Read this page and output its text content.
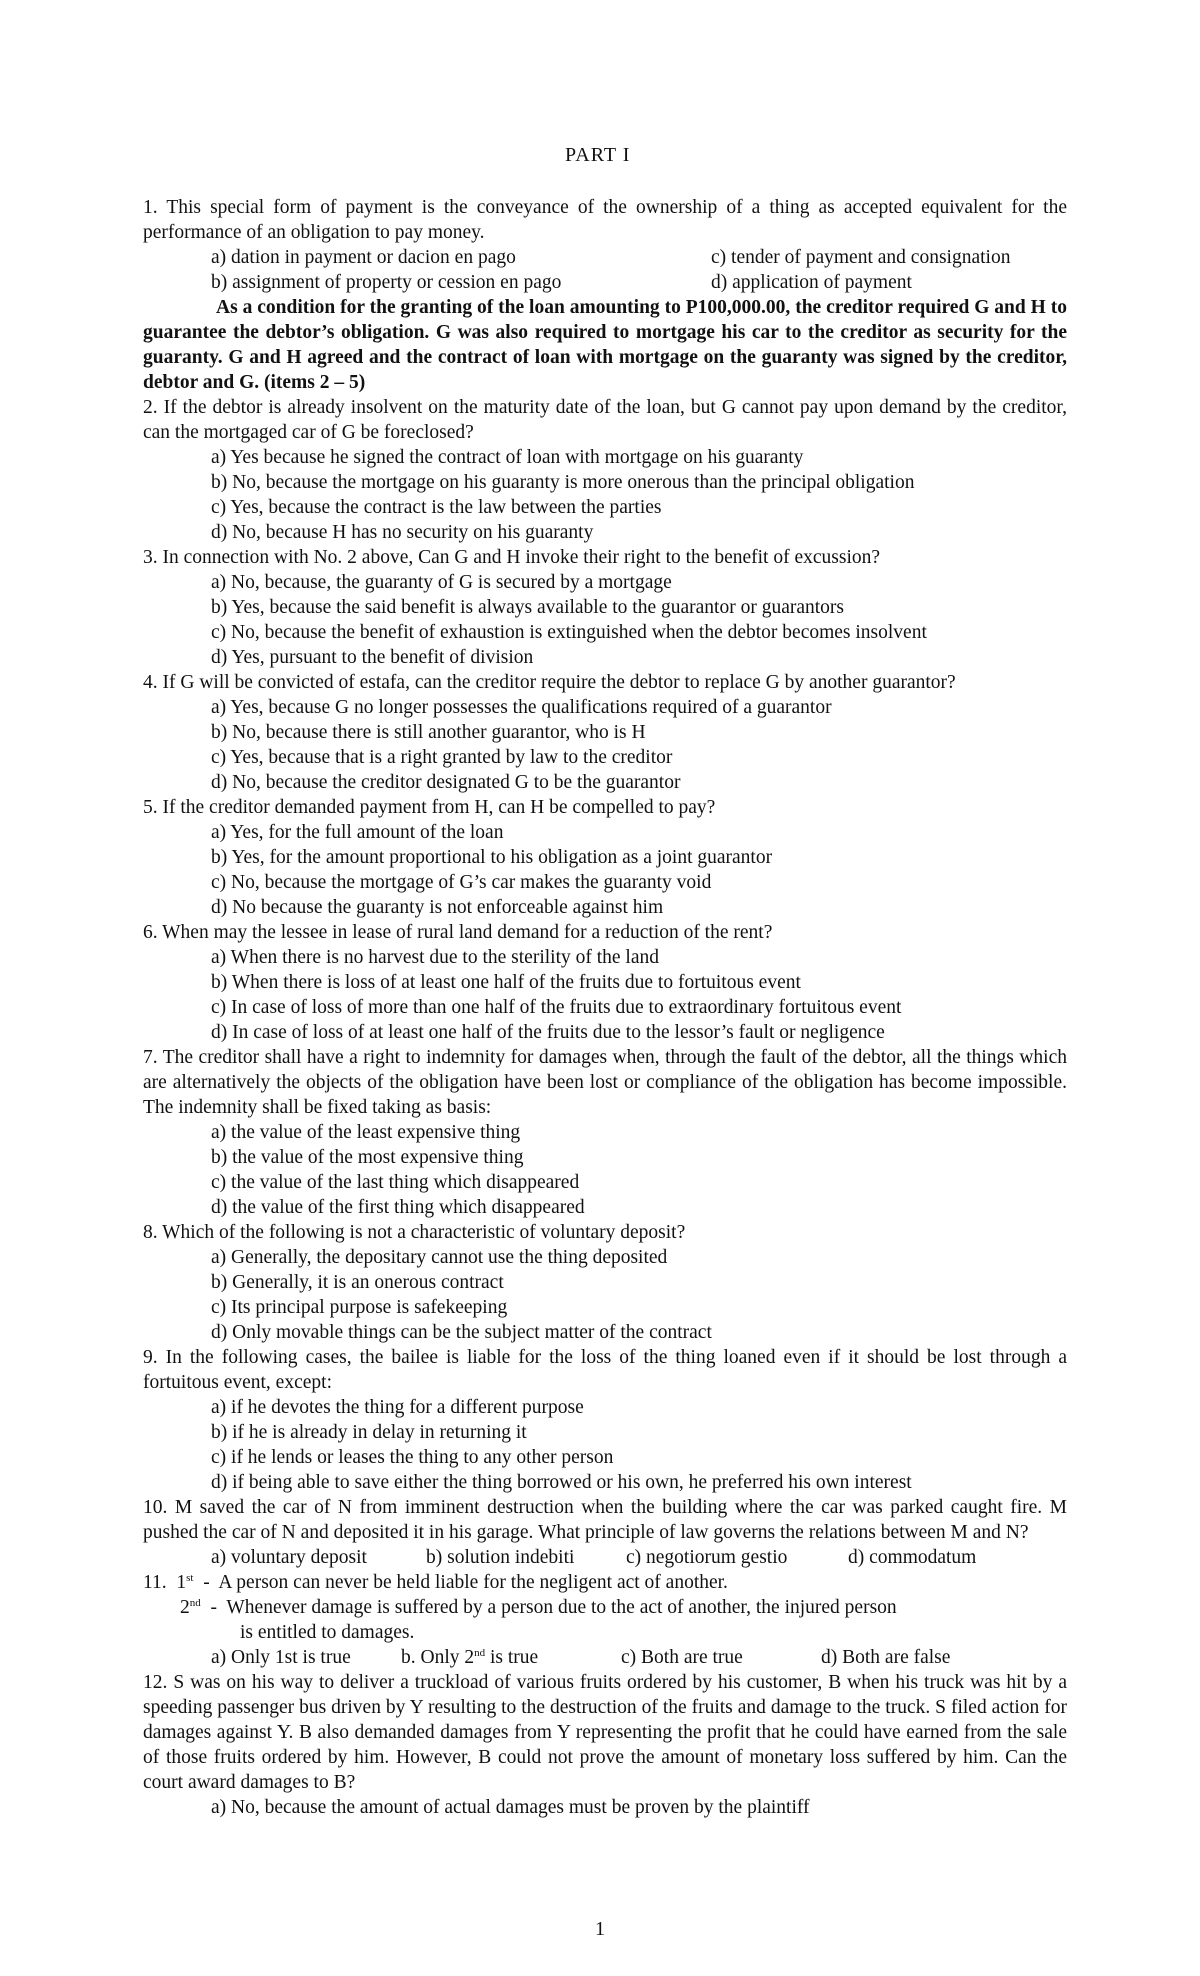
PART I
1. This special form of payment is the conveyance of the ownership of a thing as accepted equivalent for the performance of an obligation to pay money.
a) dation in payment or dacion en pago	c) tender of payment and consignation
b) assignment of property or cession en pago	d) application of payment
As a condition for the granting of the loan amounting to P100,000.00, the creditor required G and H to guarantee the debtor’s obligation. G was also required to mortgage his car to the creditor as security for the guaranty. G and H agreed and the contract of loan with mortgage on the guaranty was signed by the creditor, debtor and G. (items 2 – 5)
2. If the debtor is already insolvent on the maturity date of the loan, but G cannot pay upon demand by the creditor, can the mortgaged car of G be foreclosed?
a) Yes because he signed the contract of loan with mortgage on his guaranty
b) No, because the mortgage on his guaranty is more onerous than the principal obligation
c) Yes, because the contract is the law between the parties
d) No, because H has no security on his guaranty
3. In connection with No. 2 above, Can G and H invoke their right to the benefit of excussion?
a) No, because, the guaranty of G is secured by a mortgage
b) Yes, because the said benefit is always available to the guarantor or guarantors
c) No, because the benefit of exhaustion is extinguished when the debtor becomes insolvent
d) Yes, pursuant to the benefit of division
4. If G will be convicted of estafa, can the creditor require the debtor to replace G by another guarantor?
a) Yes, because G no longer possesses the qualifications required of a guarantor
b) No, because there is still another guarantor, who is H
c) Yes, because that is a right granted by law to the creditor
d) No, because the creditor designated G to be the guarantor
5. If the creditor demanded payment from H, can H be compelled to pay?
a) Yes, for the full amount of the loan
b) Yes, for the amount proportional to his obligation as a joint guarantor
c) No, because the mortgage of G’s car makes the guaranty void
d) No because the guaranty is not enforceable against him
6. When may the lessee in lease of rural land demand for a reduction of the rent?
a) When there is no harvest due to the sterility of the land
b) When there is loss of at least one half of the fruits due to fortuitous event
c) In case of loss of more than one half of the fruits due to extraordinary fortuitous event
d) In case of loss of at least one half of the fruits due to the lessor’s fault or negligence
7. The creditor shall have a right to indemnity for damages when, through the fault of the debtor, all the things which are alternatively the objects of the obligation have been lost or compliance of the obligation has become impossible. The indemnity shall be fixed taking as basis:
a) the value of the least expensive thing
b) the value of the most expensive thing
c) the value of the last thing which disappeared
d) the value of the first thing which disappeared
8. Which of the following is not a characteristic of voluntary deposit?
a) Generally, the depositary cannot use the thing deposited
b) Generally, it is an onerous contract
c) Its principal purpose is safekeeping
d) Only movable things can be the subject matter of the contract
9. In the following cases, the bailee is liable for the loss of the thing loaned even if it should be lost through a fortuitous event, except:
a) if he devotes the thing for a different purpose
b) if he is already in delay in returning it
c) if he lends or leases the thing to any other person
d) if being able to save either the thing borrowed or his own, he preferred his own interest
10. M saved the car of N from imminent destruction when the building where the car was parked caught fire. M pushed the car of N and deposited it in his garage. What principle of law governs the relations between M and N?
a) voluntary deposit	b) solution indebiti	c) negotiorum gestio	d) commodatum
11. 1st  -  A person can never be held liable for the negligent act of another.
2nd  -  Whenever damage is suffered by a person due to the act of another, the injured person
is entitled to damages.
a) Only 1st is true	b. Only 2nd is true	c) Both are true	d) Both are false
12. S was on his way to deliver a truckload of various fruits ordered by his customer, B when his truck was hit by a speeding passenger bus driven by Y resulting to the destruction of the fruits and damage to the truck. S filed action for damages against Y. B also demanded damages from Y representing the profit that he could have earned from the sale of those fruits ordered by him. However, B could not prove the amount of monetary loss suffered by him. Can the court award damages to B?
a) No, because the amount of actual damages must be proven by the plaintiff
1
